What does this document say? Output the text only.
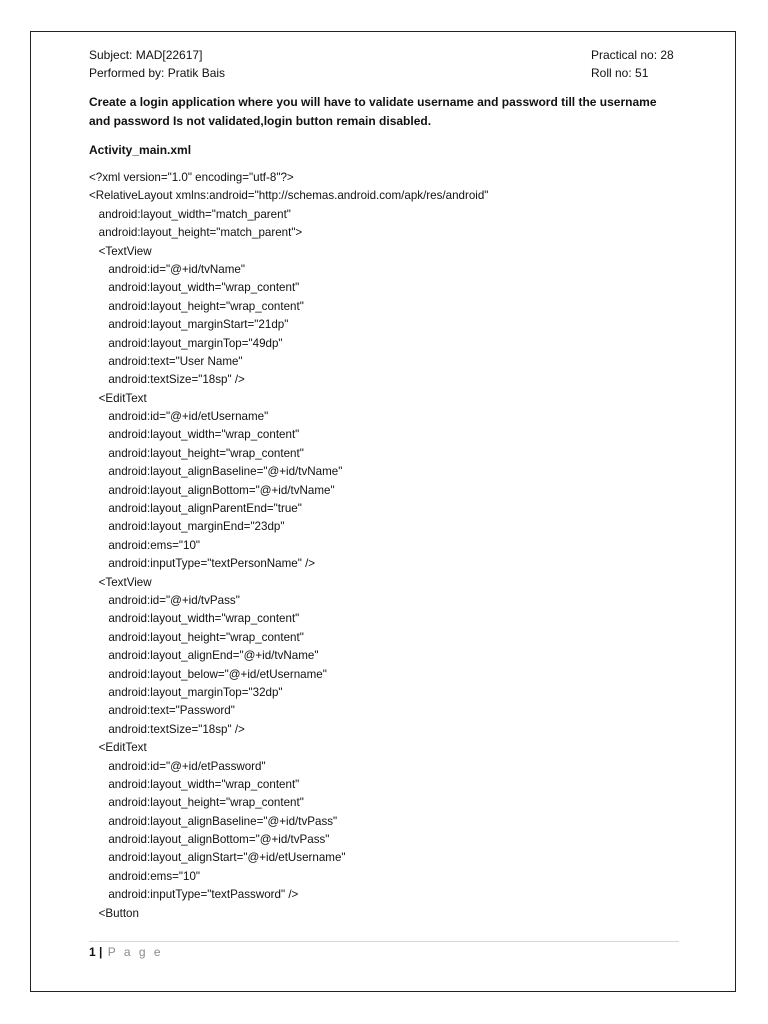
Subject: MAD[22617]	Practical no: 28
Performed by: Pratik Bais	Roll no: 51
Create a login application where you will have to validate username and password till the username and password Is not validated,login button remain disabled.
Activity_main.xml
<?xml version="1.0" encoding="utf-8"?>
<RelativeLayout xmlns:android="http://schemas.android.com/apk/res/android"
android:layout_width="match_parent"
android:layout_height="match_parent">
<TextView
android:id="@+id/tvName"
android:layout_width="wrap_content"
android:layout_height="wrap_content"
android:layout_marginStart="21dp"
android:layout_marginTop="49dp"
android:text="User Name"
android:textSize="18sp" />
<EditText
android:id="@+id/etUsername"
android:layout_width="wrap_content"
android:layout_height="wrap_content"
android:layout_alignBaseline="@+id/tvName"
android:layout_alignBottom="@+id/tvName"
android:layout_alignParentEnd="true"
android:layout_marginEnd="23dp"
android:ems="10"
android:inputType="textPersonName" />
<TextView
android:id="@+id/tvPass"
android:layout_width="wrap_content"
android:layout_height="wrap_content"
android:layout_alignEnd="@+id/tvName"
android:layout_below="@+id/etUsername"
android:layout_marginTop="32dp"
android:text="Password"
android:textSize="18sp" />
<EditText
android:id="@+id/etPassword"
android:layout_width="wrap_content"
android:layout_height="wrap_content"
android:layout_alignBaseline="@+id/tvPass"
android:layout_alignBottom="@+id/tvPass"
android:layout_alignStart="@+id/etUsername"
android:ems="10"
android:inputType="textPassword" />
<Button
1 | P a g e
